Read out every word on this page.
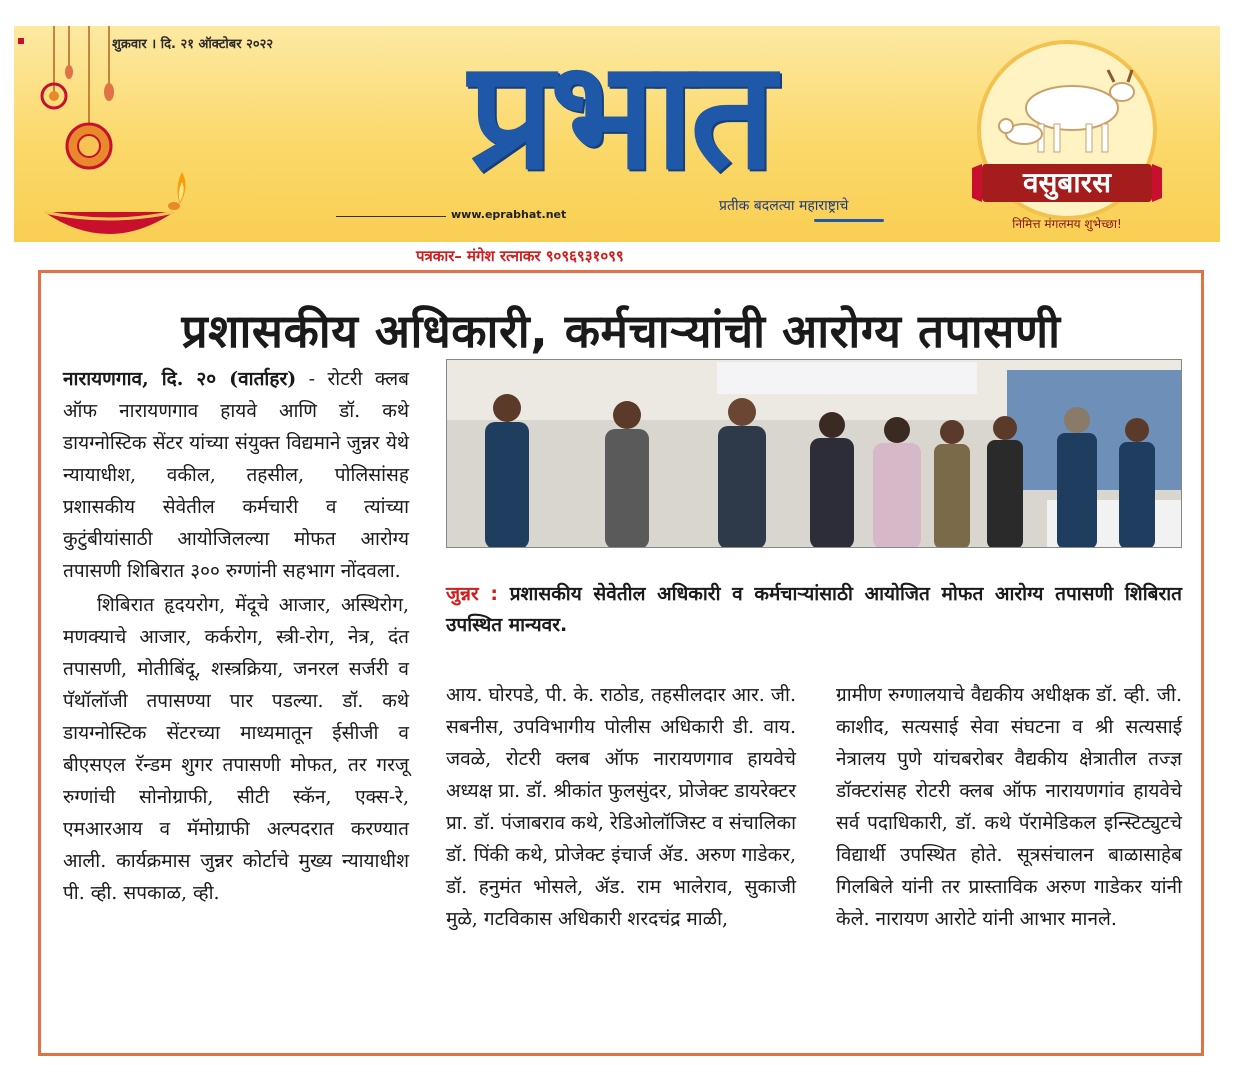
शुक्रवार । दि. २१ ऑक्टोबर २०२२	प्रभात
www.eprabhat.net
प्रतीक बदलत्या महाराष्ट्राचे
वसुबारस
निमित्त मंगलमय शुभेच्छा!
पत्रकार– मंगेश रत्नाकर ९०९६९३१०९९
प्रशासकीय अधिकारी, कर्मचाऱ्यांची आरोग्य तपासणी
नारायणगाव, दि. २० (वार्ताहर) - रोटरी क्लब ऑफ नारायणगाव हायवे आणि डॉ. कथे डायग्नोस्टिक सेंटर यांच्या संयुक्त विद्यमाने जुन्नर येथे न्यायाधीश, वकील, तहसील, पोलिसांसह प्रशासकीय सेवेतील कर्मचारी व त्यांच्या कुटुंबीयांसाठी आयोजिलल्या मोफत आरोग्य तपासणी शिबिरात ३०० रुग्णांनी सहभाग नोंदवला.
शिबिरात हृदयरोग, मेंदूचे आजार, अस्थिरोग, मणक्याचे आजार, कर्करोग, स्त्री-रोग, नेत्र, दंत तपासणी, मोतीबिंदू, शस्त्रक्रिया, जनरल सर्जरी व पॅथॉलॉजी तपासण्या पार पडल्या. डॉ. कथे डायग्नोस्टिक सेंटरच्या माध्यमातून ईसीजी व बीएसएल रॅन्डम शुगर तपासणी मोफत, तर गरजू रुग्णांची सोनोग्राफी, सीटी स्कॅन, एक्स-रे, एमआरआय व मॅमोग्राफी अल्पदरात करण्यात आली. कार्यक्रमास जुन्नर कोर्टाचे मुख्य न्यायाधीश पी. व्ही. सपकाळ, व्ही.
जुन्नर : प्रशासकीय सेवेतील अधिकारी व कर्मचाऱ्यांसाठी आयोजित मोफत आरोग्य तपासणी शिबिरात उपस्थित मान्यवर.
आय. घोरपडे, पी. के. राठोड, तहसीलदार आर. जी. सबनीस, उपविभागीय पोलीस अधिकारी डी. वाय. जवळे, रोटरी क्लब ऑफ नारायणगाव हायवेचे अध्यक्ष प्रा. डॉ. श्रीकांत फुलसुंदर, प्रोजेक्ट डायरेक्टर प्रा. डॉ. पंजाबराव कथे, रेडिओलॉजिस्ट व संचालिका डॉ. पिंकी कथे, प्रोजेक्ट इंचार्ज ॲड. अरुण गाडेकर, डॉ. हनुमंत भोसले, ॲड. राम भालेराव, सुकाजी मुळे, गटविकास अधिकारी शरदचंद्र माळी,
ग्रामीण रुग्णालयाचे वैद्यकीय अधीक्षक डॉ. व्ही. जी. काशीद, सत्यसाई सेवा संघटना व श्री सत्यसाई नेत्रालय पुणे यांचबरोबर वैद्यकीय क्षेत्रातील तज्ज्ञ डॉक्टरांसह रोटरी क्लब ऑफ नारायणगांव हायवेचे सर्व पदाधिकारी, डॉ. कथे पॅरामेडिकल इन्स्टिट्युटचे विद्यार्थी उपस्थित होते. सूत्रसंचालन बाळासाहेब गिलबिले यांनी तर प्रास्ताविक अरुण गाडेकर यांनी केले. नारायण आरोटे यांनी आभार मानले.
